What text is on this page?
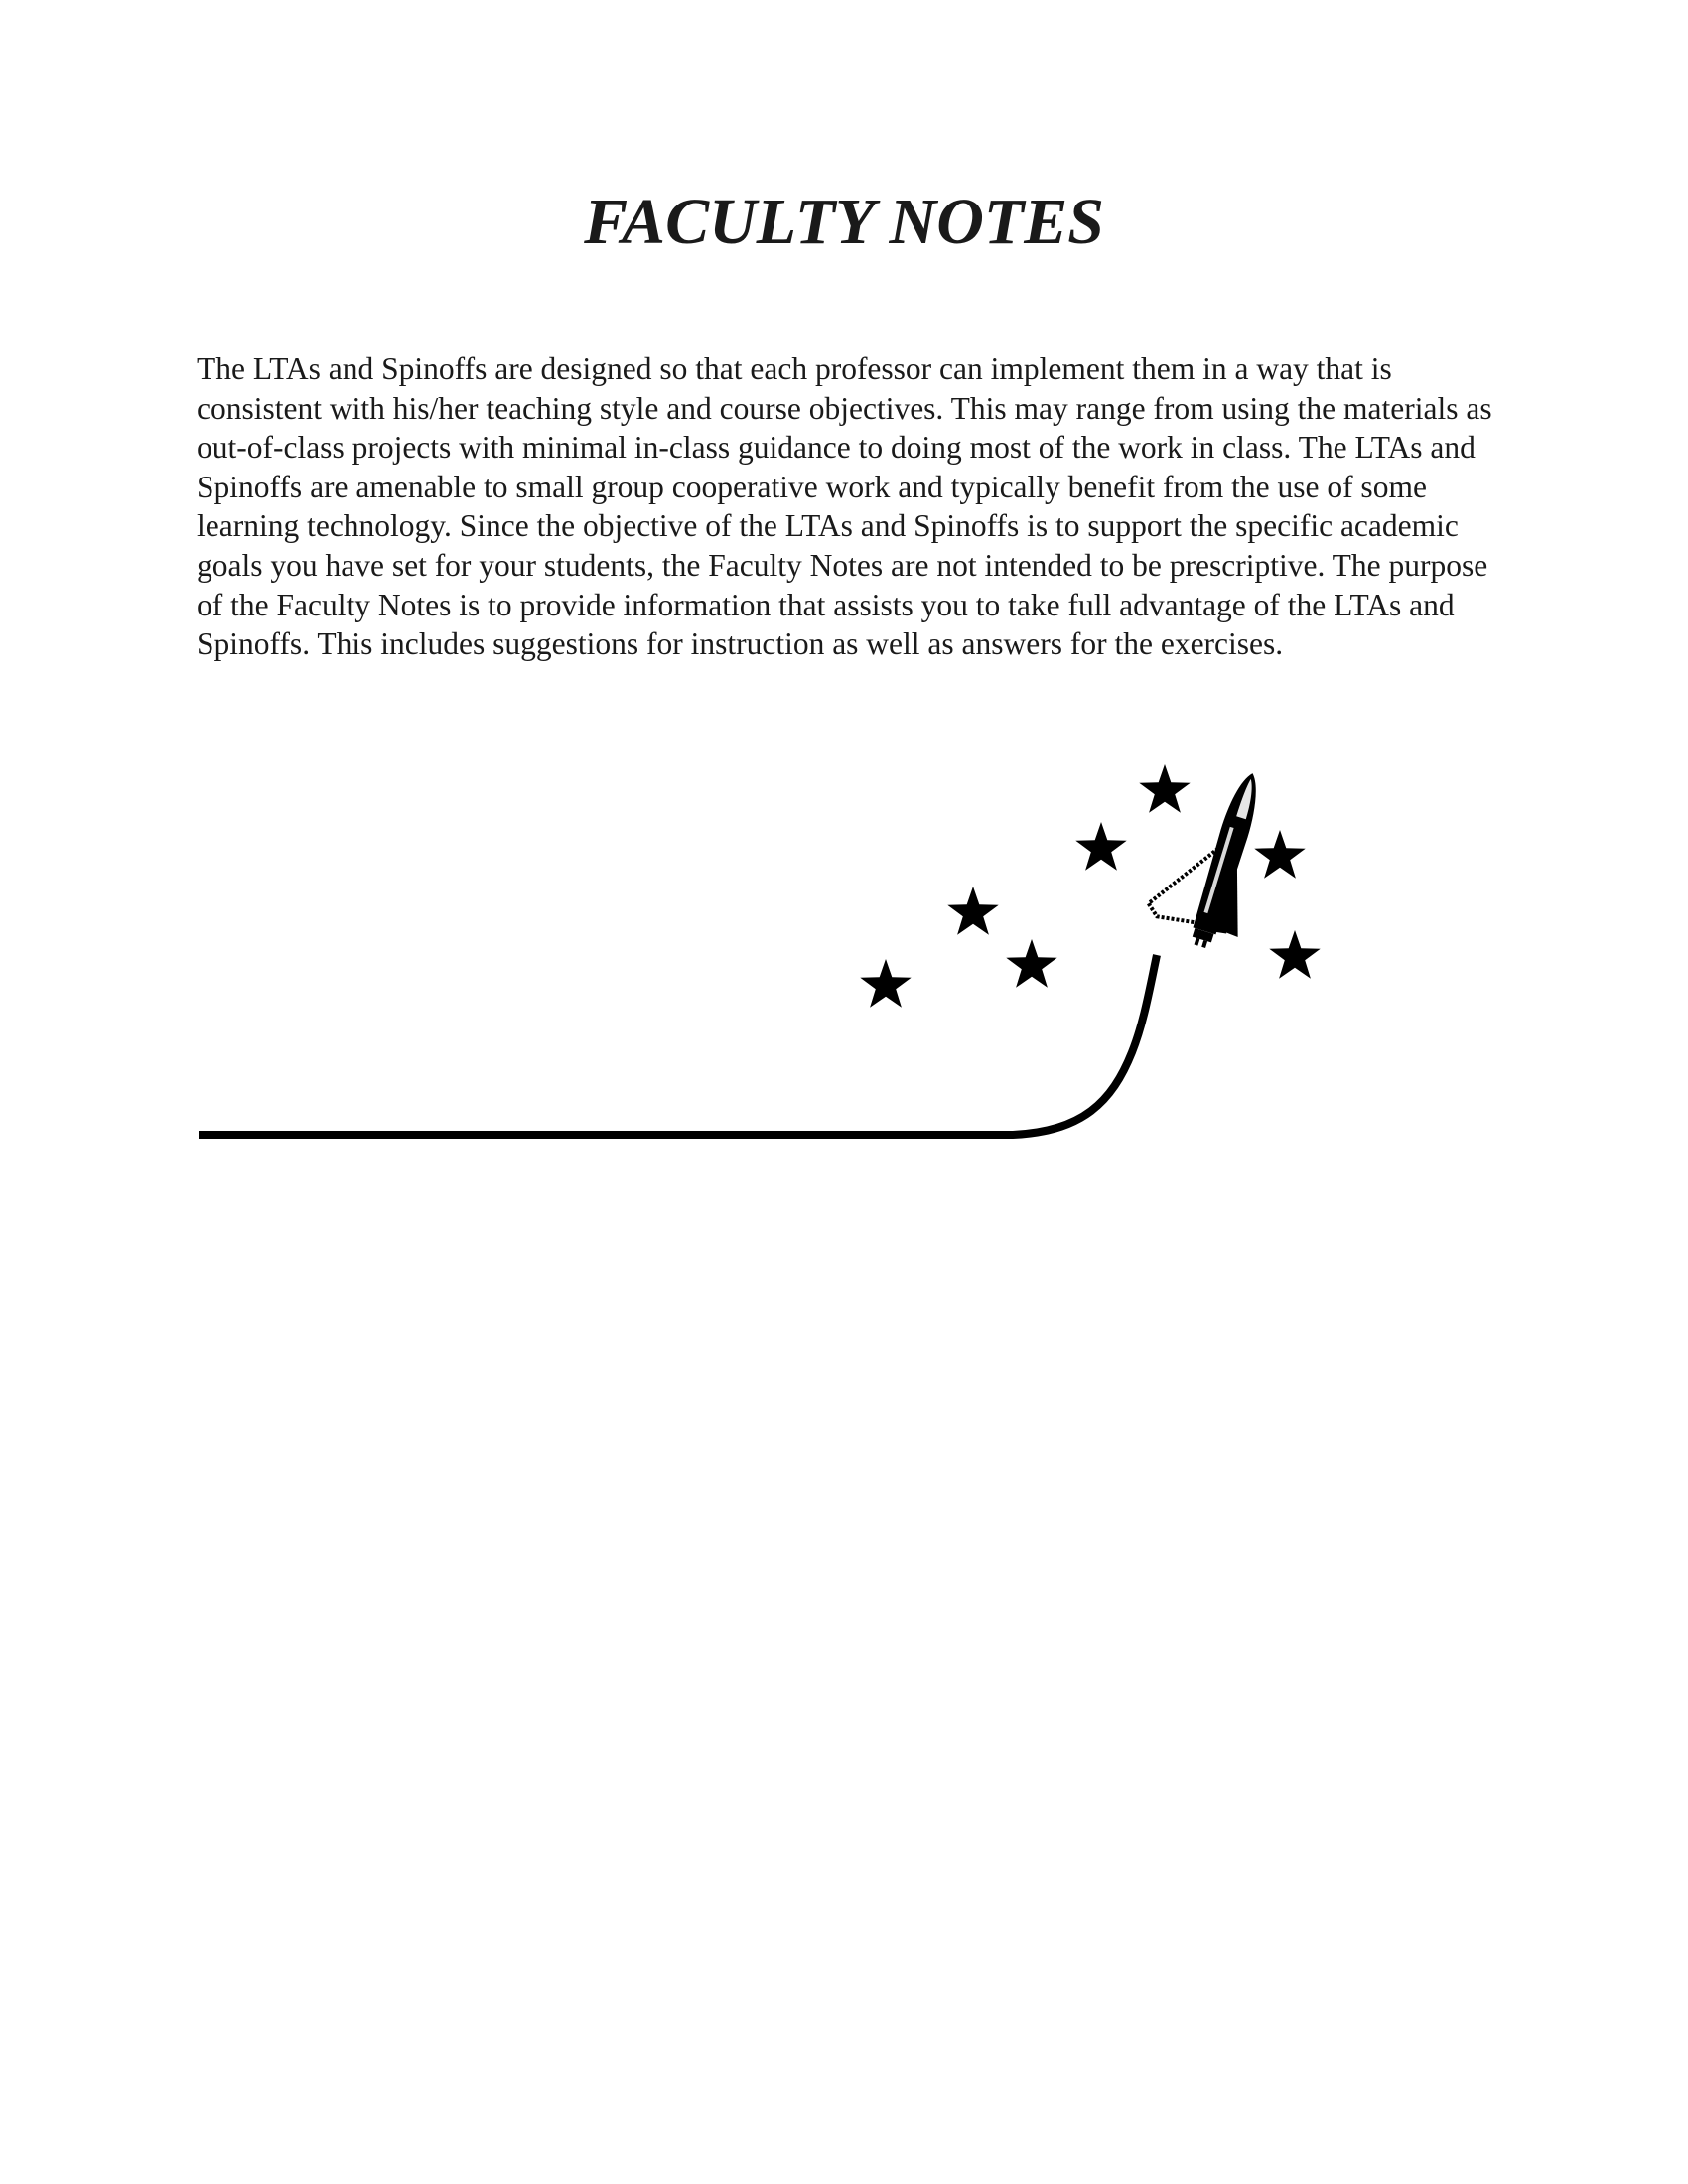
FACULTY NOTES

The LTAs and Spinoffs are designed so that each professor can implement them in a way that is consistent with his/her teaching style and course objectives. This may range from using the materials as out-of-class projects with minimal in-class guidance to doing most of the work in class. The LTAs and Spinoffs are amenable to small group cooperative work and typically benefit from the use of some learning technology. Since the objective of the LTAs and Spinoffs is to support the specific academic goals you have set for your students, the Faculty Notes are not intended to be prescriptive. The purpose of the Faculty Notes is to provide information that assists you to take full advantage of the LTAs and Spinoffs. This includes suggestions for instruction as well as answers for the exercises.
